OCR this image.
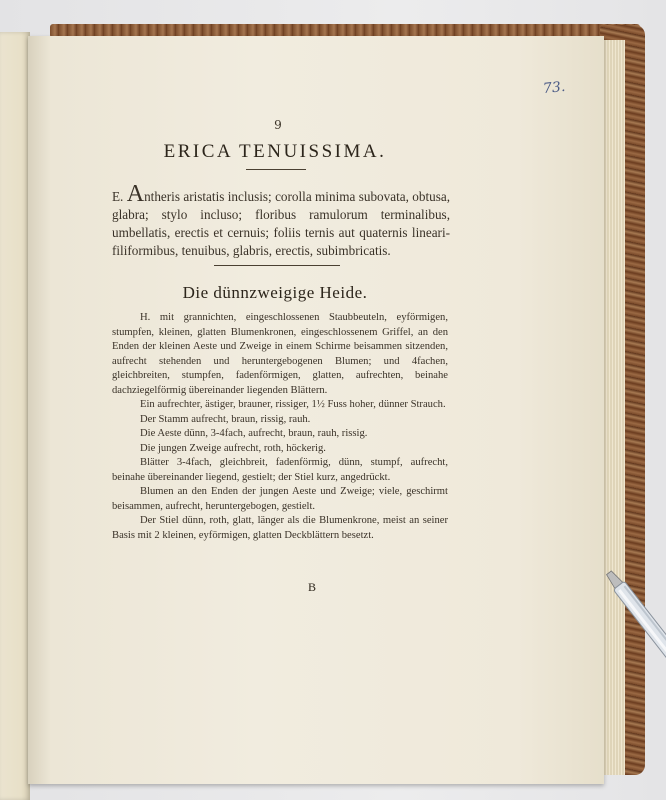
73.
9
ERICA TENUISSIMA.
E. Antheris aristatis inclusis; corolla minima subovata, obtusa, glabra; stylo incluso; floribus ramulorum terminalibus, umbellatis, erectis et cernuis; foliis ternis aut quaternis lineari-filiformibus, tenuibus, glabris, erectis, subimbricatis.
Die dünnzweigige Heide.

H. mit grannichten, eingeschlossenen Staubbeuteln, eyförmigen, stumpfen, kleinen, glatten Blumenkronen, eingeschlossenem Griffel, an den Enden der kleinen Aeste und Zweige in einem Schirme beisammen sitzenden, aufrecht stehenden und heruntergebogenen Blumen; und 4fachen, gleichbreiten, stumpfen, fadenförmigen, glatten, aufrechten, beinahe dachziegelförmig übereinander liegenden Blättern.

Ein aufrechter, ästiger, brauner, rissiger, 1½ Fuss hoher, dünner Strauch.

Der Stamm aufrecht, braun, rissig, rauh.

Die Aeste dünn, 3-4fach, aufrecht, braun, rauh, rissig.

Die jungen Zweige aufrecht, roth, höckerig.

Blätter 3-4fach, gleichbreit, fadenförmig, dünn, stumpf, aufrecht, beinahe übereinander liegend, gestielt; der Stiel kurz, angedrückt.

Blumen an den Enden der jungen Aeste und Zweige; viele, geschirmt beisammen, aufrecht, heruntergebogen, gestielt.

Der Stiel dünn, roth, glatt, länger als die Blumenkrone, meist an seiner Basis mit 2 kleinen, eyförmigen, glatten Deckblättern besetzt.

B
